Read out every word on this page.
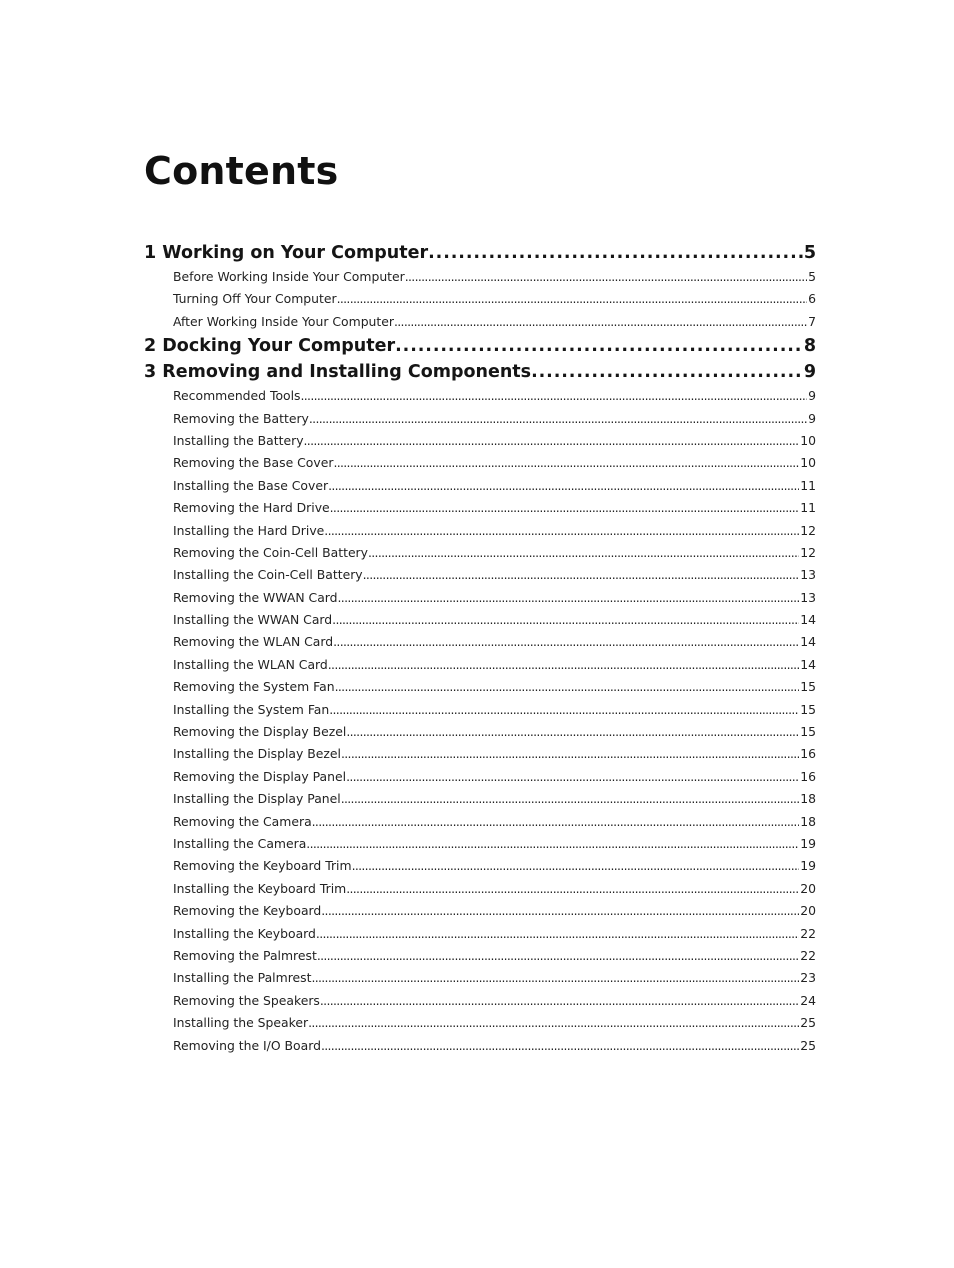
Contents
1 Working on Your Computer . . .	5
Before Working Inside Your Computer . . .	5
Turning Off Your Computer . . .	6
After Working Inside Your Computer . . .	7
2 Docking Your Computer . . .	8
3 Removing and Installing Components . . .	9
Recommended Tools . . .	9
Removing the Battery . . .	9
Installing the Battery . . .	10
Removing the Base Cover . . .	10
Installing the Base Cover . . .	11
Removing the Hard Drive . . .	11
Installing the Hard Drive . . .	12
Removing the Coin-Cell Battery . . .	12
Installing the Coin-Cell Battery . . .	13
Removing the WWAN Card . . .	13
Installing the WWAN Card . . .	14
Removing the WLAN Card . . .	14
Installing the WLAN Card . . .	14
Removing the System Fan . . .	15
Installing the System Fan . . .	15
Removing the Display Bezel . . .	15
Installing the Display Bezel . . .	16
Removing the Display Panel . . .	16
Installing the Display Panel . . .	18
Removing the Camera . . .	18
Installing the Camera . . .	19
Removing the Keyboard Trim . . .	19
Installing the Keyboard Trim . . .	20
Removing the Keyboard . . .	20
Installing the Keyboard . . .	22
Removing the Palmrest . . .	22
Installing the Palmrest . . .	23
Removing the Speakers . . .	24
Installing the Speaker . . .	25
Removing the I/O Board . . .	25
